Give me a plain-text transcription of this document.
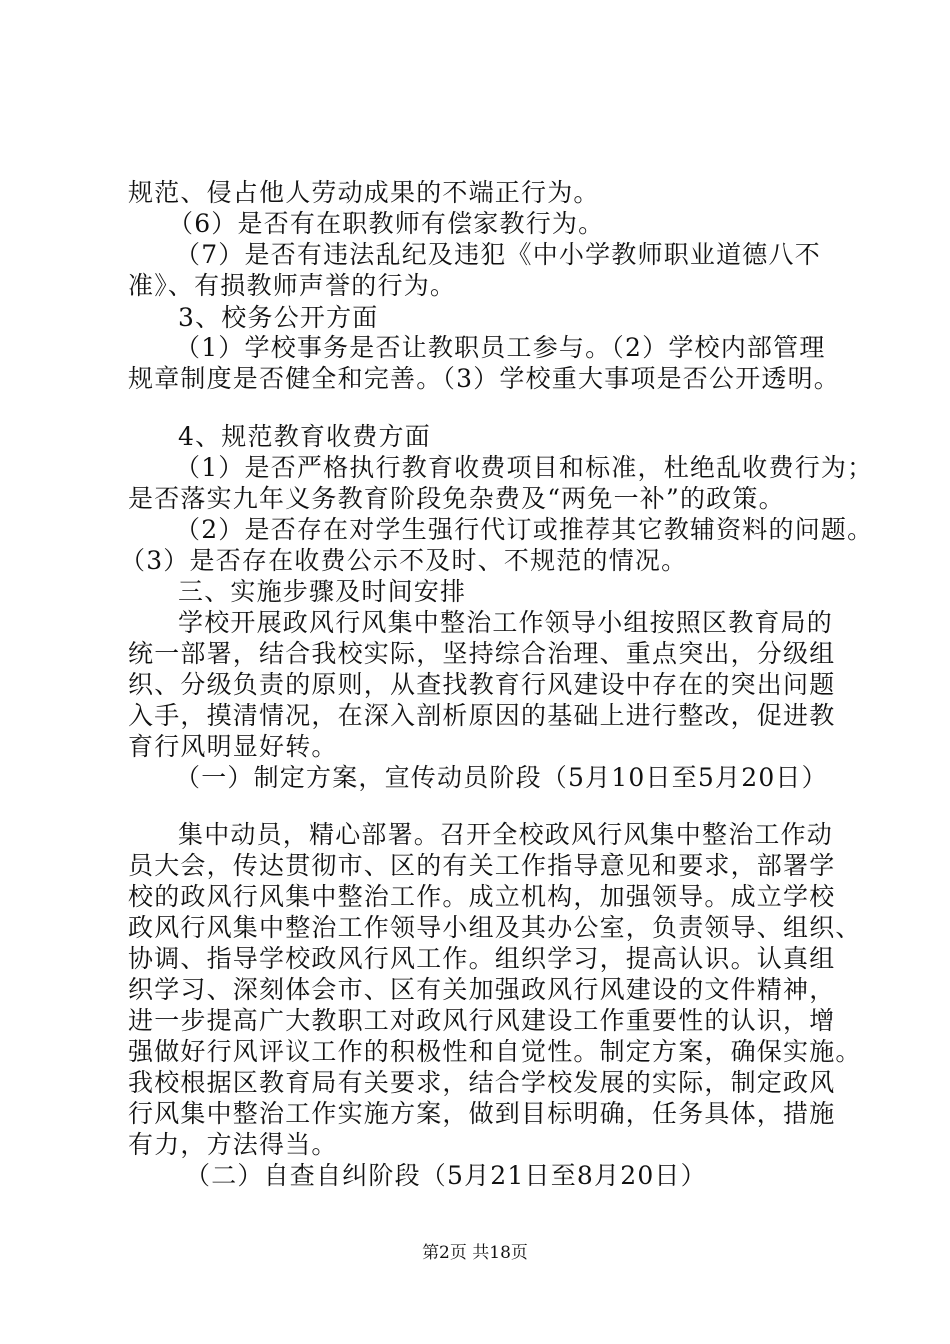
规范、侵占他人劳动成果的不端正行为。
（6）是否有在职教师有偿家教行为。
（7）是否有违法乱纪及违犯《中小学教师职业道德八不
准》、有损教师声誉的行为。
3、校务公开方面
（1）学校事务是否让教职员工参与。（2）学校内部管理
规章制度是否健全和完善。（3）学校重大事项是否公开透明。
4、规范教育收费方面
（1）是否严格执行教育收费项目和标准，杜绝乱收费行为；
是否落实九年义务教育阶段免杂费及“两免一补”的政策。
（2）是否存在对学生强行代订或推荐其它教辅资料的问题。
（3）是否存在收费公示不及时、不规范的情况。
三、实施步骤及时间安排
学校开展政风行风集中整治工作领导小组按照区教育局的
统一部署，结合我校实际，坚持综合治理、重点突出，分级组
织、分级负责的原则，从查找教育行风建设中存在的突出问题
入手，摸清情况，在深入剖析原因的基础上进行整改，促进教
育行风明显好转。
（一）制定方案，宣传动员阶段（5月10日至5月20日）
集中动员，精心部署。召开全校政风行风集中整治工作动
员大会，传达贯彻市、区的有关工作指导意见和要求，部署学
校的政风行风集中整治工作。成立机构，加强领导。成立学校
政风行风集中整治工作领导小组及其办公室，负责领导、组织、
协调、指导学校政风行风工作。组织学习，提高认识。认真组
织学习、深刻体会市、区有关加强政风行风建设的文件精神，
进一步提高广大教职工对政风行风建设工作重要性的认识，增
强做好行风评议工作的积极性和自觉性。制定方案，确保实施。
我校根据区教育局有关要求，结合学校发展的实际，制定政风
行风集中整治工作实施方案，做到目标明确，任务具体，措施
有力，方法得当。
（二）自查自纠阶段（5月21日至8月20日）
第2页 共18页
